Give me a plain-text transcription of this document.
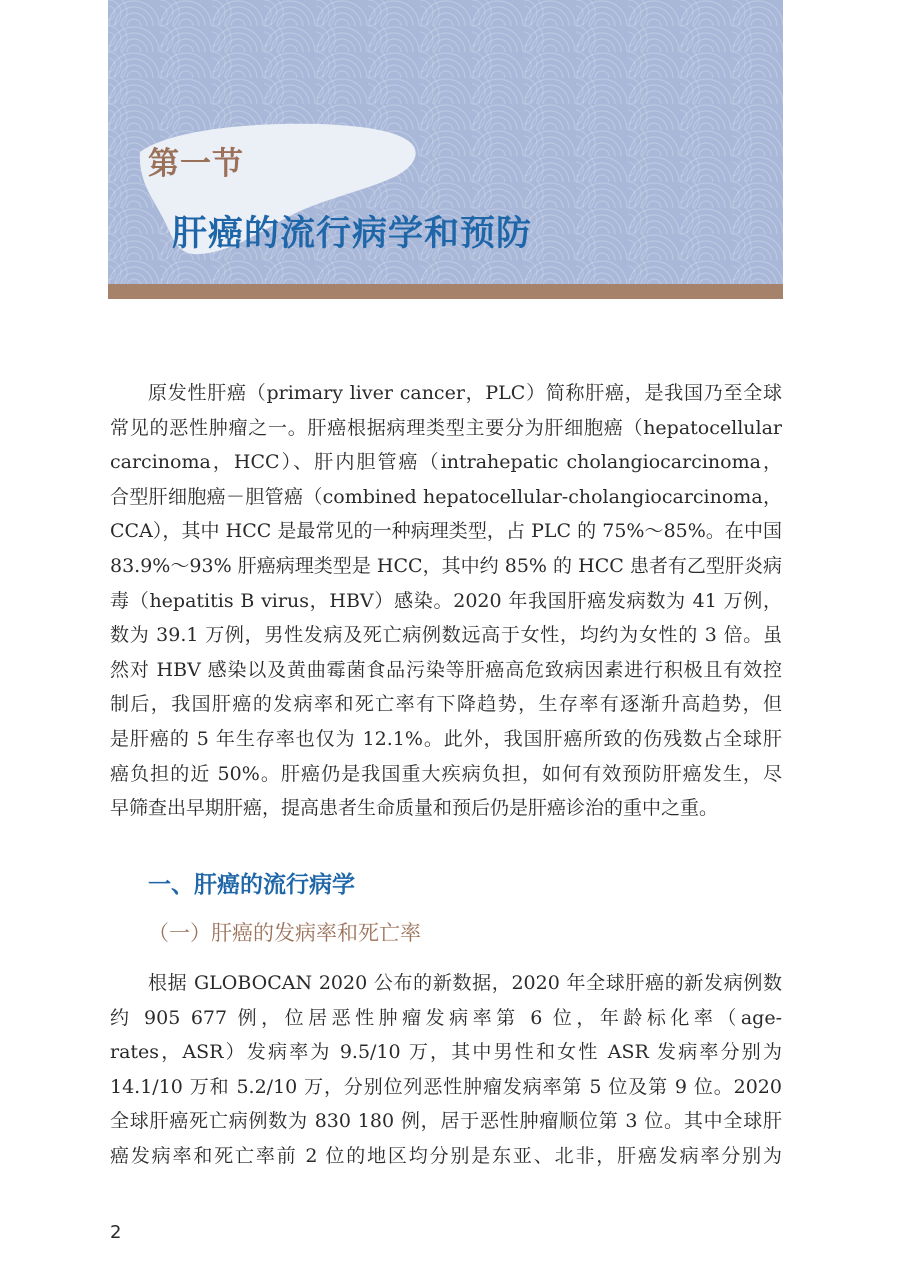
第一节
肝癌的流行病学和预防
原发性肝癌（primary liver cancer，PLC）简称肝癌，是我国乃至全球
常见的恶性肿瘤之一。肝癌根据病理类型主要分为肝细胞癌（hepatocellular
carcinoma，HCC）、肝内胆管癌（intrahepatic cholangiocarcinoma，
合型肝细胞癌－胆管癌（combined hepatocellular-cholangiocarcinoma，
CCA），其中 HCC 是最常见的一种病理类型，占 PLC 的 75%～85%。在中国
83.9%～93% 肝癌病理类型是 HCC，其中约 85% 的 HCC 患者有乙型肝炎病
毒（hepatitis B virus，HBV）感染。2020 年我国肝癌发病数为 41 万例，
数为 39.1 万例，男性发病及死亡病例数远高于女性，均约为女性的 3 倍。虽
然对 HBV 感染以及黄曲霉菌食品污染等肝癌高危致病因素进行积极且有效控
制后，我国肝癌的发病率和死亡率有下降趋势，生存率有逐渐升高趋势，但
是肝癌的 5 年生存率也仅为 12.1%。此外，我国肝癌所致的伤残数占全球肝
癌负担的近 50%。肝癌仍是我国重大疾病负担，如何有效预防肝癌发生，尽
早筛查出早期肝癌，提高患者生命质量和预后仍是肝癌诊治的重中之重。
一、肝癌的流行病学
（一）肝癌的发病率和死亡率
根据 GLOBOCAN 2020 公布的新数据，2020 年全球肝癌的新发病例数
约 905 677 例，位居恶性肿瘤发病率第 6 位，年龄标化率（age-
rates，ASR）发病率为 9.5/10 万，其中男性和女性 ASR 发病率分别为
14.1/10 万和 5.2/10 万，分别位列恶性肿瘤发病率第 5 位及第 9 位。2020
全球肝癌死亡病例数为 830 180 例，居于恶性肿瘤顺位第 3 位。其中全球肝
癌发病率和死亡率前 2 位的地区均分别是东亚、北非，肝癌发病率分别为
2
